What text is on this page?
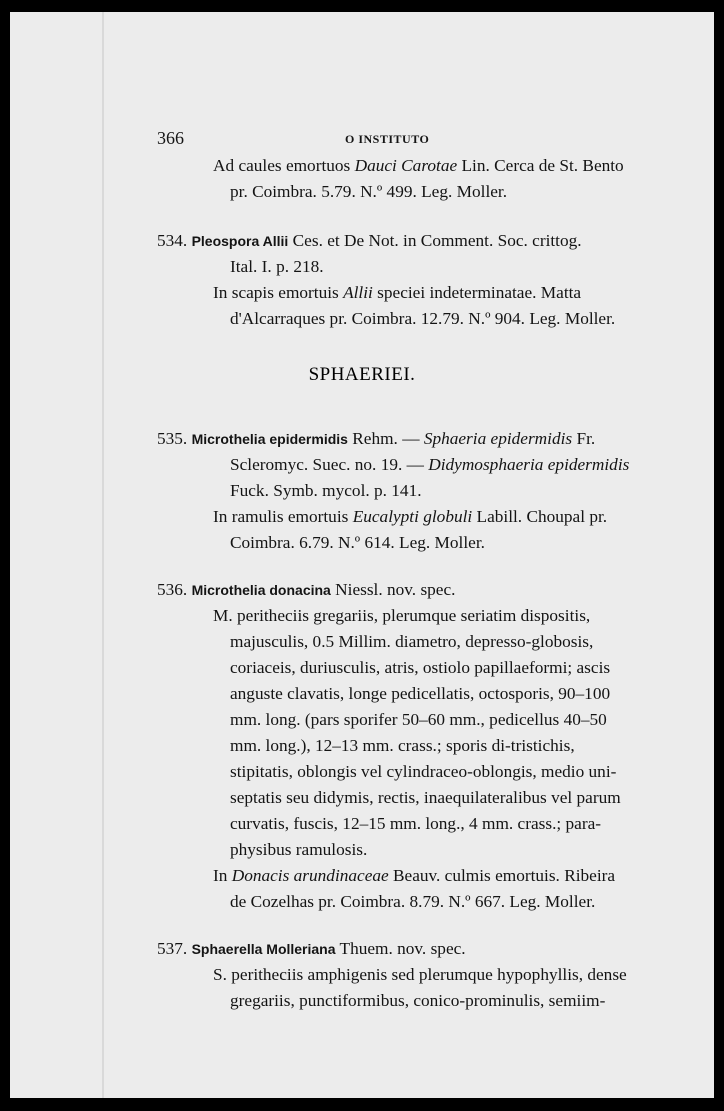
366	O INSTITUTO
Ad caules emortuos Dauci Carotae Lin. Cerca de St. Bento
pr. Coimbra. 5.79. N.º 499. Leg. Moller.
534. Pleospora Allii Ces. et De Not. in Comment. Soc. crittog.
Ital. I. p. 218.
In scapis emortuis Allii speciei indeterminatae. Matta
d'Alcarraques pr. Coimbra. 12.79. N.º 904. Leg. Moller.
SPHAERIEI.
535. Microthelia epidermidis Rehm. — Sphaeria epidermidis Fr.
Scleromyc. Suec. no. 19. — Didymosphaeria epidermidis
Fuck. Symb. mycol. p. 141.
In ramulis emortuis Eucalypti globuli Labill. Choupal pr.
Coimbra. 6.79. N.º 614. Leg. Moller.
536. Microthelia donacina Niessl. nov. spec.
M. peritheciis gregariis, plerumque seriatim dispositis,
majusculis, 0.5 Millim. diametro, depresso-globosis,
coriaceis, duriusculis, atris, ostiolo papillaeformi; ascis
anguste clavatis, longe pedicellatis, octosporis, 90–100
mm. long. (pars sporifer 50–60 mm., pedicellus 40–50
mm. long.), 12–13 mm. crass.; sporis di-tristichis,
stipitatis, oblongis vel cylindraceo-oblongis, medio uni-
septatis seu didymis, rectis, inaequilateralibus vel parum
curvatis, fuscis, 12–15 mm. long., 4 mm. crass.; para-
physibus ramulosis.
In Donacis arundinaceae Beauv. culmis emortuis. Ribeira
de Cozelhas pr. Coimbra. 8.79. N.º 667. Leg. Moller.
537. Sphaerella Molleriana Thuem. nov. spec.
S. peritheciis amphigenis sed plerumque hypophyllis, dense
gregariis, punctiformibus, conico-prominulis, semiim-
